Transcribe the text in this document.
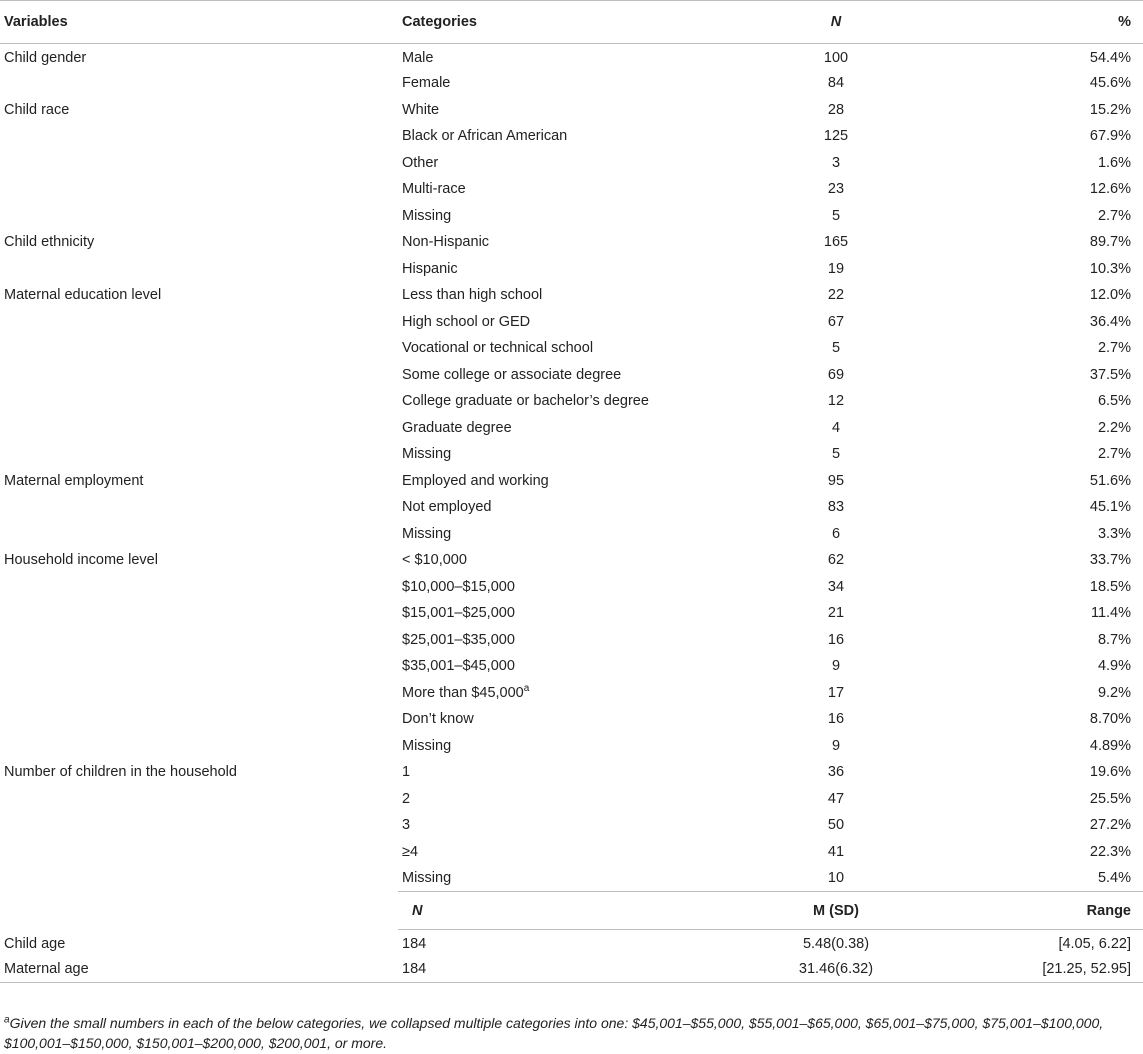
Variables	Categories	N	%
Child gender	Male	100	54.4%
	Female	84	45.6%
Child race	White	28	15.2%
	Black or African American	125	67.9%
	Other	3	1.6%
	Multi-race	23	12.6%
	Missing	5	2.7%
Child ethnicity	Non-Hispanic	165	89.7%
	Hispanic	19	10.3%
Maternal education level	Less than high school	22	12.0%
	High school or GED	67	36.4%
	Vocational or technical school	5	2.7%
	Some college or associate degree	69	37.5%
	College graduate or bachelor’s degree	12	6.5%
	Graduate degree	4	2.2%
	Missing	5	2.7%
Maternal employment	Employed and working	95	51.6%
	Not employed	83	45.1%
	Missing	6	3.3%
Household income level	< $10,000	62	33.7%
	$10,000–$15,000	34	18.5%
	$15,001–$25,000	21	11.4%
	$25,001–$35,000	16	8.7%
	$35,001–$45,000	9	4.9%
	More than $45,000$^a$	17	9.2%
	Don’t know	16	8.70%
	Missing	9	4.89%
Number of children in the household	1	36	19.6%
	2	47	25.5%
	3	50	27.2%
	≥4	41	22.3%
	Missing	10	5.4%
	N	M (SD)	Range
Child age	184	5.48(0.38)	[4.05, 6.22]
Maternal age	184	31.46(6.32)	[21.25, 52.95]
$^a$Given the small numbers in each of the below categories, we collapsed multiple categories into one: $45,001–$55,000, $55,001–$65,000, $65,001–$75,000, $75,001–$100,000, $100,001–$150,000, $150,001–$200,000, $200,001, or more.
